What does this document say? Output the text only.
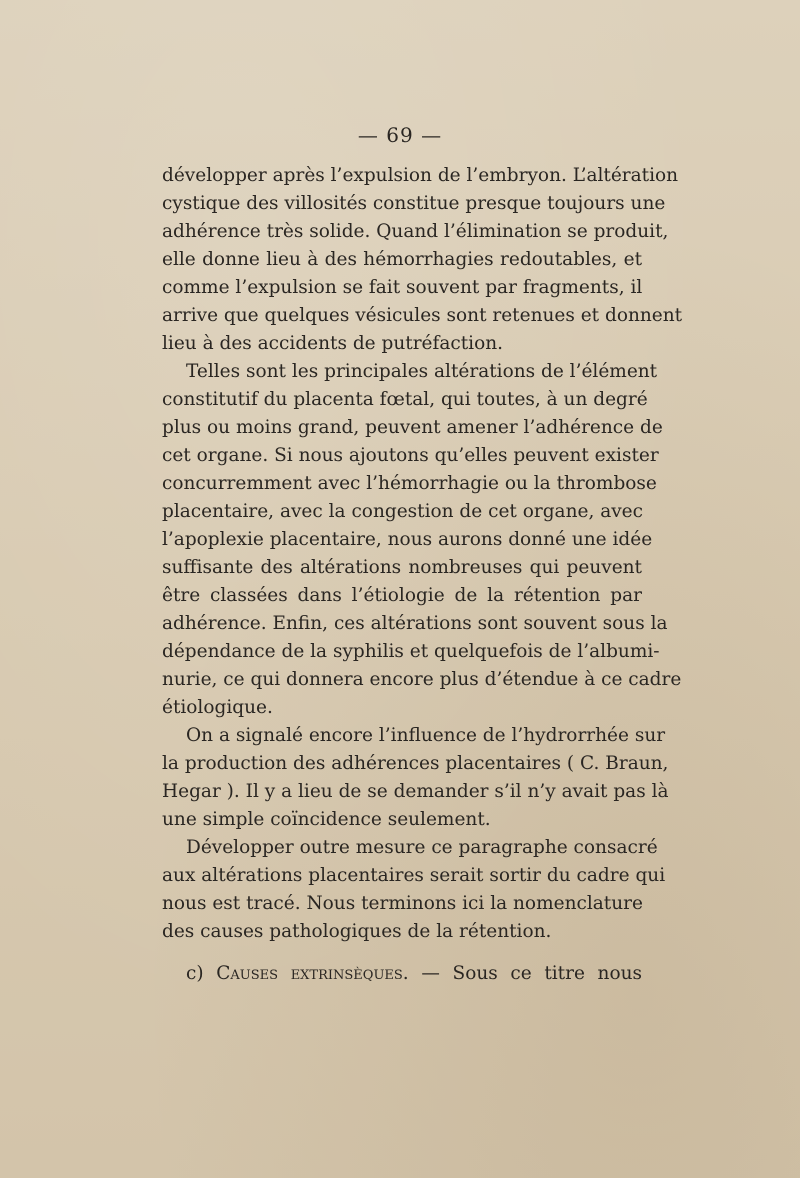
— 69 —
développer après l’expulsion de l’embryon. L’altération
cystique des villosités constitue presque toujours une
adhérence très solide. Quand l’élimination se produit,
elle donne lieu à des hémorrhagies redoutables, et
comme l’expulsion se fait souvent par fragments, il
arrive que quelques vésicules sont retenues et donnent
lieu à des accidents de putréfaction.
Telles sont les principales altérations de l’élément
constitutif du placenta fœtal, qui toutes, à un degré
plus ou moins grand, peuvent amener l’adhérence de
cet organe. Si nous ajoutons qu’elles peuvent exister
concurremment avec l’hémorrhagie ou la thrombose
placentaire, avec la congestion de cet organe, avec
l’apoplexie placentaire, nous aurons donné une idée
suffisante des altérations nombreuses qui peuvent
être classées dans l’étiologie de la rétention par
adhérence. Enfin, ces altérations sont souvent sous la
dépendance de la syphilis et quelquefois de l’albumi-
nurie, ce qui donnera encore plus d’étendue à ce cadre
étiologique.
On a signalé encore l’influence de l’hydrorrhée sur
la production des adhérences placentaires ( C. Braun,
Hegar ). Il y a lieu de se demander s’il n’y avait pas là
une simple coïncidence seulement.
Développer outre mesure ce paragraphe consacré
aux altérations placentaires serait sortir du cadre qui
nous est tracé. Nous terminons ici la nomenclature
des causes pathologiques de la rétention.
c) Causes extrinsèques. — Sous ce titre nous
